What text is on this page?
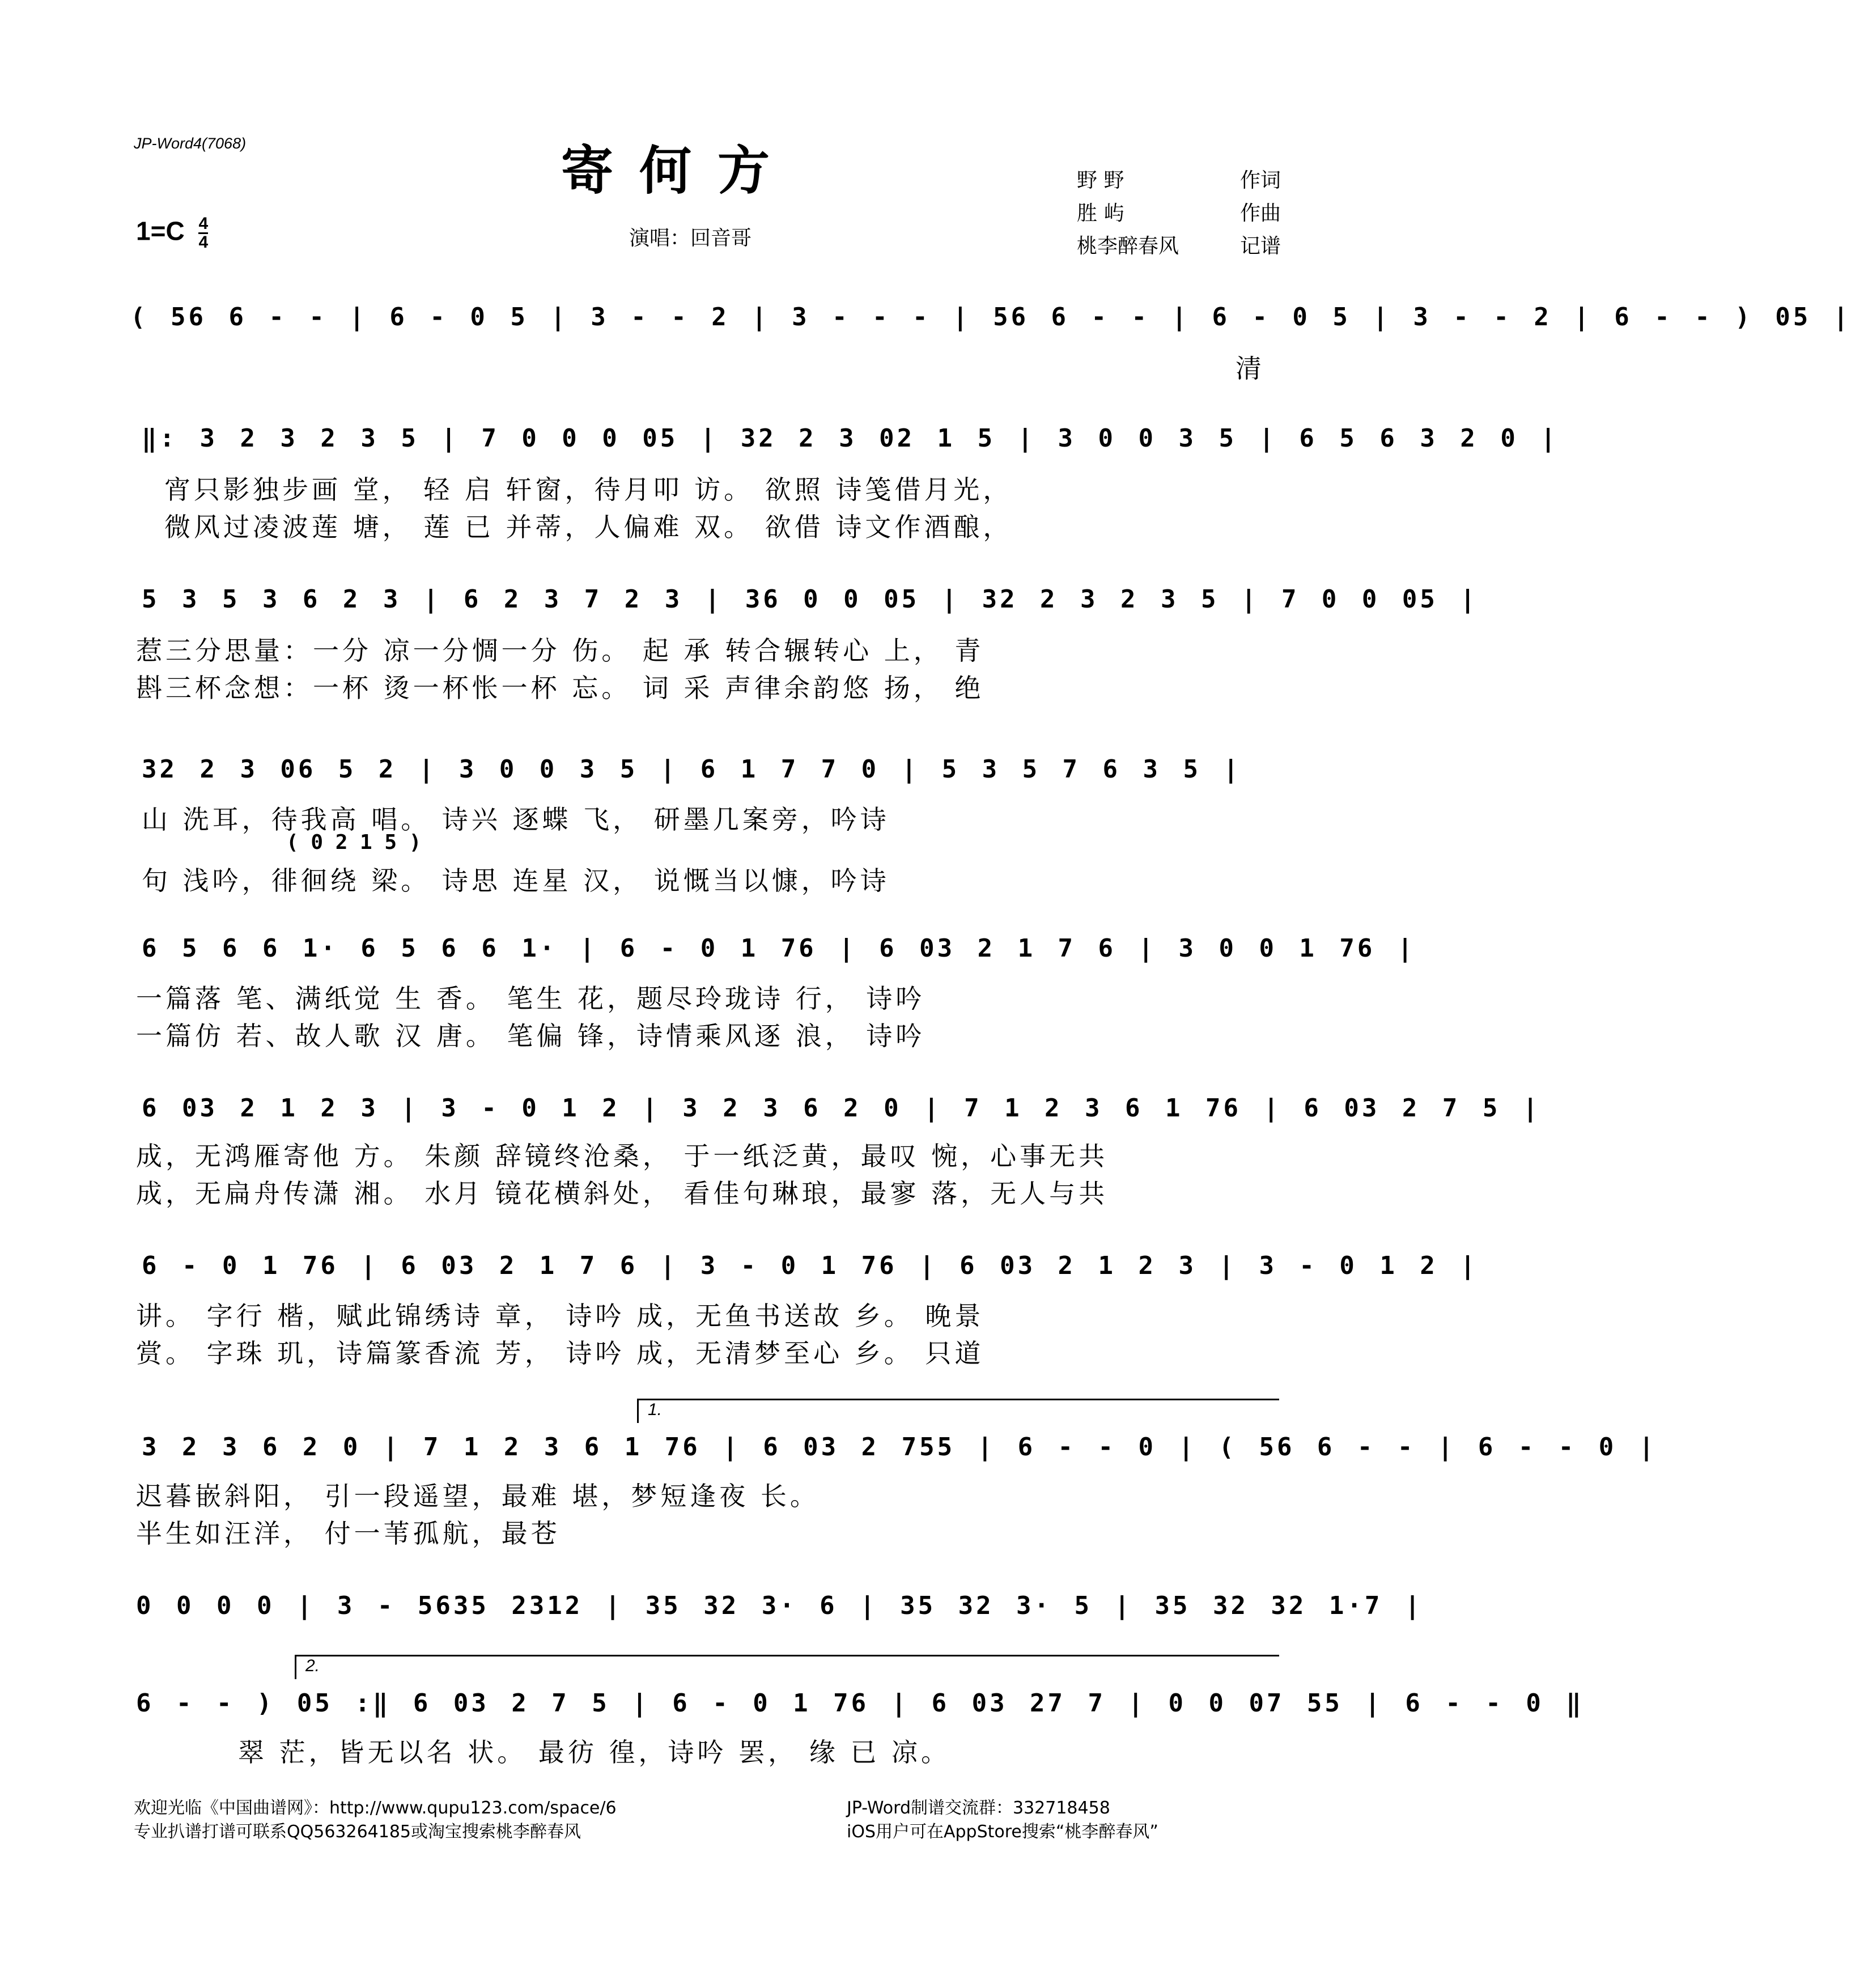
JP-Word4(7068)	寄何方	野 野	作词
胜 屿	作曲
桃李醉春风	记谱
$1=C \frac{4}{4}$	演唱：回音哥
( 56 6 - - | 6 - 0 5 | 3 - - 2 | 3 - - - | 56 6 - - | 6 - 0 5 | 3 - - 2 | 6 - - ) 05 |
清
‖: 3 2 3 2 3 5 | 7 0 0 0 05 | 32 2 3 02 1 5 | 3 0 0 3 5 | 6 5 6 3 2 0 |
宵只影独步画 堂， 轻 启 轩窗，待月叩 访。 欲照 诗笺借月光，
微风过凌波莲 塘， 莲 已 并蒂，人偏难 双。 欲借 诗文作酒酿，
5 3 5 3 6 2 3 | 6 2 3 7 2 3 | 36 0 0 05 | 32 2 3 2 3 5 | 7 0 0 05 |
惹三分思量：一分 凉一分惆一分 伤。 起 承 转合辗转心 上， 青
斟三杯念想：一杯 烫一杯怅一杯 忘。 词 采 声律余韵悠 扬， 绝
32 2 3 06 5 2 | 3 0 0 3 5 | 6 1 7 7 0 | 5 3 5 7 6 3 5 |
山 洗耳，待我高 唱。 诗兴 逐蝶 飞， 研墨几案旁，吟诗
( 0 2 1 5 )
句 浅吟，徘徊绕 梁。 诗思 连星 汉， 说慨当以慷，吟诗
6 5 6 6 1· 6 5 6 6 1· | 6 - 0 1 76 | 6 03 2 1 7 6 | 3 0 0 1 76 |
一篇落 笔、满纸觉 生 香。 笔生 花，题尽玲珑诗 行， 诗吟
一篇仿 若、故人歌 汉 唐。 笔偏 锋，诗情乘风逐 浪， 诗吟
6 03 2 1 2 3 | 3 - 0 1 2 | 3 2 3 6 2 0 | 7 1 2 3 6 1 76 | 6 03 2 7 5 |
成，无鸿雁寄他 方。 朱颜 辞镜终沧桑， 于一纸泛黄，最叹 惋，心事无共
成，无扁舟传潇 湘。 水月 镜花横斜处， 看佳句琳琅，最寥 落，无人与共
6 - 0 1 76 | 6 03 2 1 7 6 | 3 - 0 1 76 | 6 03 2 1 2 3 | 3 - 0 1 2 |
讲。 字行 楷，赋此锦绣诗 章， 诗吟 成，无鱼书送故 乡。 晚景
赏。 字珠 玑，诗篇篆香流 芳， 诗吟 成，无清梦至心 乡。 只道
1.
3 2 3 6 2 0 | 7 1 2 3 6 1 76 | 6 03 2 755 | 6 - - 0 | ( 56 6 - - | 6 - - 0 |
迟暮嵌斜阳， 引一段遥望，最难 堪，梦短逢夜 长。
半生如汪洋， 付一苇孤航，最苍
0 0 0 0 | 3 - 5635 2312 | 35 32 3· 6 | 35 32 3· 5 | 35 32 32 1·7 |
2.
6 - - ) 05 :‖ 6 03 2 7 5 | 6 - 0 1 76 | 6 03 27 7 | 0 0 07 55 | 6 - - 0 ‖
翠 茫，皆无以名 状。 最彷 徨，诗吟 罢， 缘 已 凉。
欢迎光临《中国曲谱网》：http://www.qupu123.com/space/6
专业扒谱打谱可联系QQ563264185或淘宝搜索桃李醉春风
JP-Word制谱交流群：332718458
iOS用户可在AppStore搜索“桃李醉春风”
